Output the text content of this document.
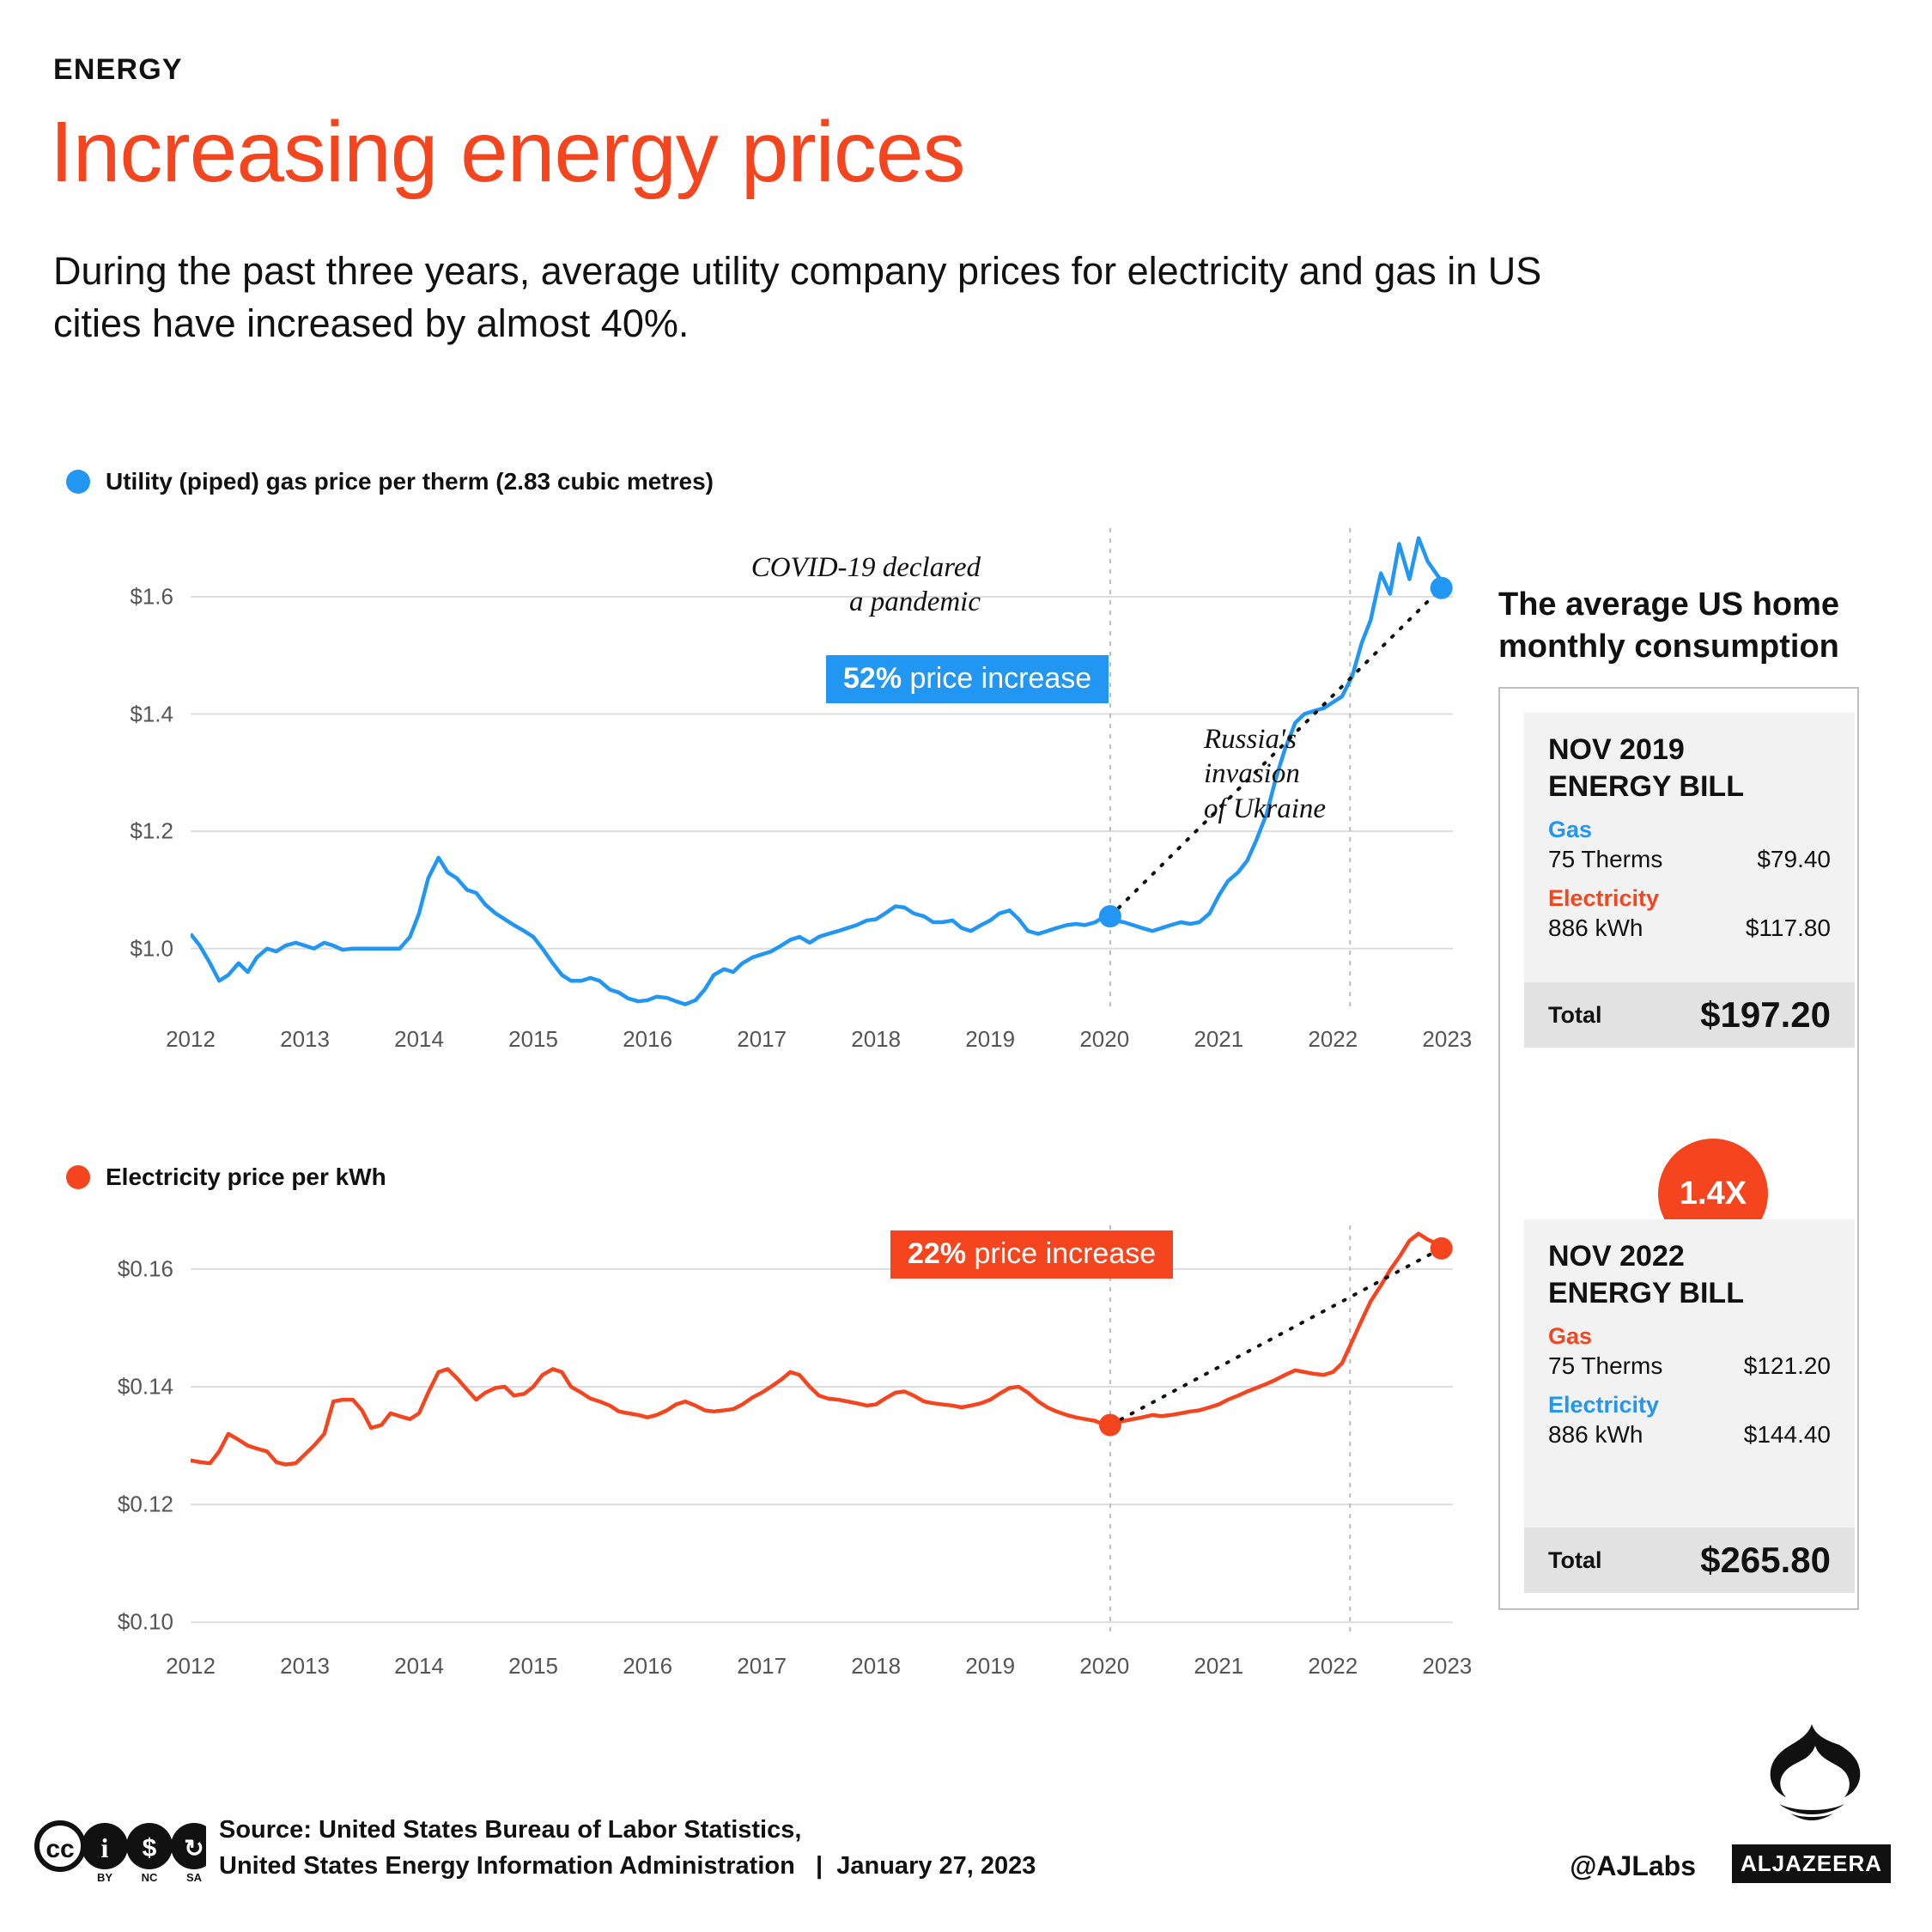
ENERGY
Increasing energy prices
During the past three years, average utility company prices for electricity and gas in US cities have increased by almost 40%.
Utility (piped) gas price per therm (2.83 cubic metres)
$1.0
$1.2
$1.4
$1.6
2012	2013	2014	2015	2016	2017	2018	2019	2020	2021	2022	2023
52% price increase
COVID-19 declared
a pandemic
Russia's
invasion
of Ukraine
Electricity price per kWh
$0.10
$0.12
$0.14
$0.16
2012	2013	2014	2015	2016	2017	2018	2019	2020	2021	2022	2023
22% price increase
The average US home monthly consumption
NOV 2019
ENERGY BILL
Gas
75 Therms	$79.40
Electricity
886 kWh	$117.80
Total	$197.20
1.4X
NOV 2022
ENERGY BILL
Gas
75 Therms	$121.20
Electricity
886 kWh	$144.40
Total	$265.80
cc i $ ↻
BY	NC	SA
Source: United States Bureau of Labor Statistics,
United States Energy Information Administration | January 27, 2023	@AJLabs	ALJAZEERA
